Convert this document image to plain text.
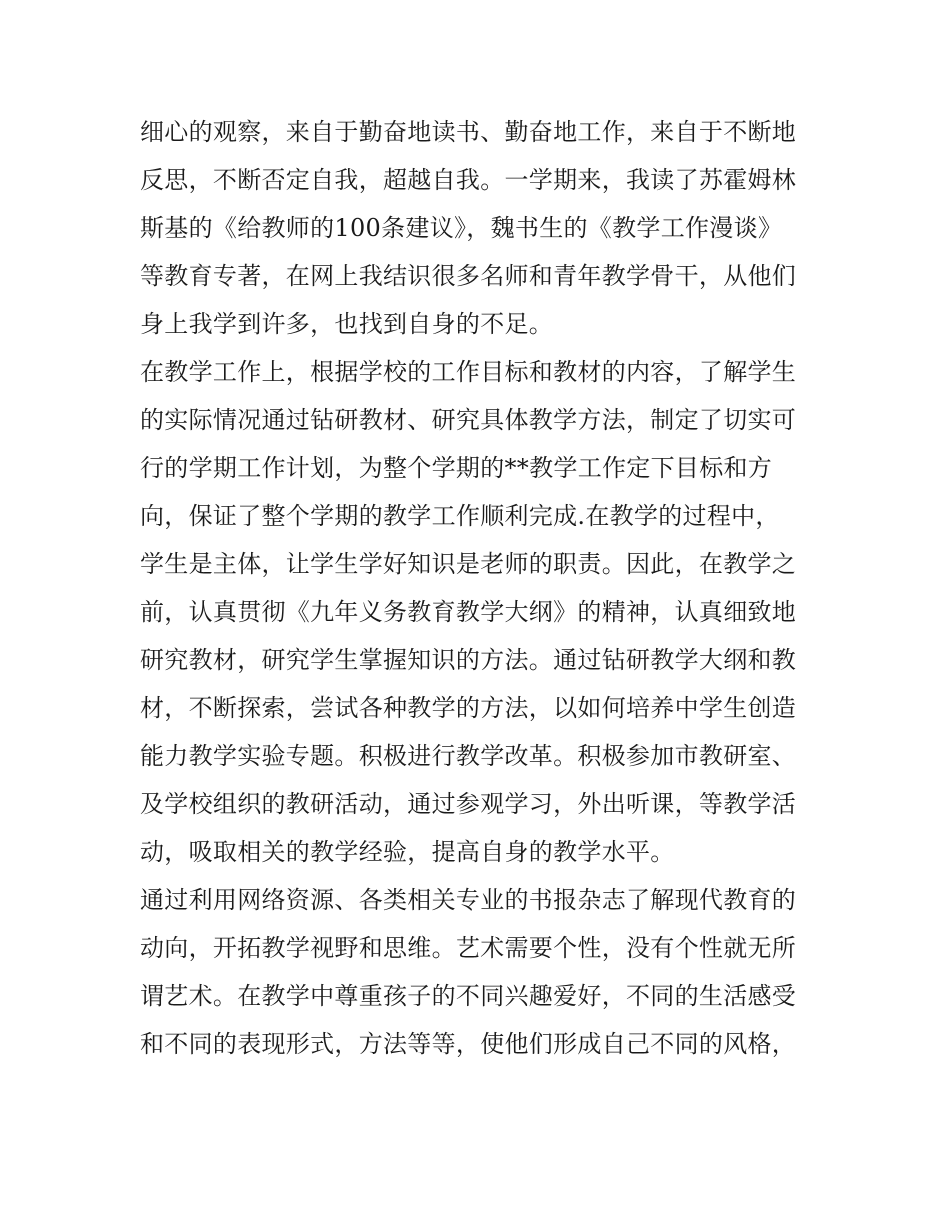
细心的观察，来自于勤奋地读书、勤奋地工作，来自于不断地
反思，不断否定自我，超越自我。一学期来，我读了苏霍姆林
斯基的《给教师的100条建议》，魏书生的《教学工作漫谈》
等教育专著，在网上我结识很多名师和青年教学骨干，从他们
身上我学到许多，也找到自身的不足。
在教学工作上，根据学校的工作目标和教材的内容，了解学生
的实际情况通过钻研教材、研究具体教学方法，制定了切实可
行的学期工作计划，为整个学期的**教学工作定下目标和方
向，保证了整个学期的教学工作顺利完成.在教学的过程中，
学生是主体，让学生学好知识是老师的职责。因此，在教学之
前，认真贯彻《九年义务教育教学大纲》的精神，认真细致地
研究教材，研究学生掌握知识的方法。通过钻研教学大纲和教
材，不断探索，尝试各种教学的方法，以如何培养中学生创造
能力教学实验专题。积极进行教学改革。积极参加市教研室、
及学校组织的教研活动，通过参观学习，外出听课，等教学活
动，吸取相关的教学经验，提高自身的教学水平。
通过利用网络资源、各类相关专业的书报杂志了解现代教育的
动向，开拓教学视野和思维。艺术需要个性，没有个性就无所
谓艺术。在教学中尊重孩子的不同兴趣爱好，不同的生活感受
和不同的表现形式，方法等等，使他们形成自己不同的风格，
